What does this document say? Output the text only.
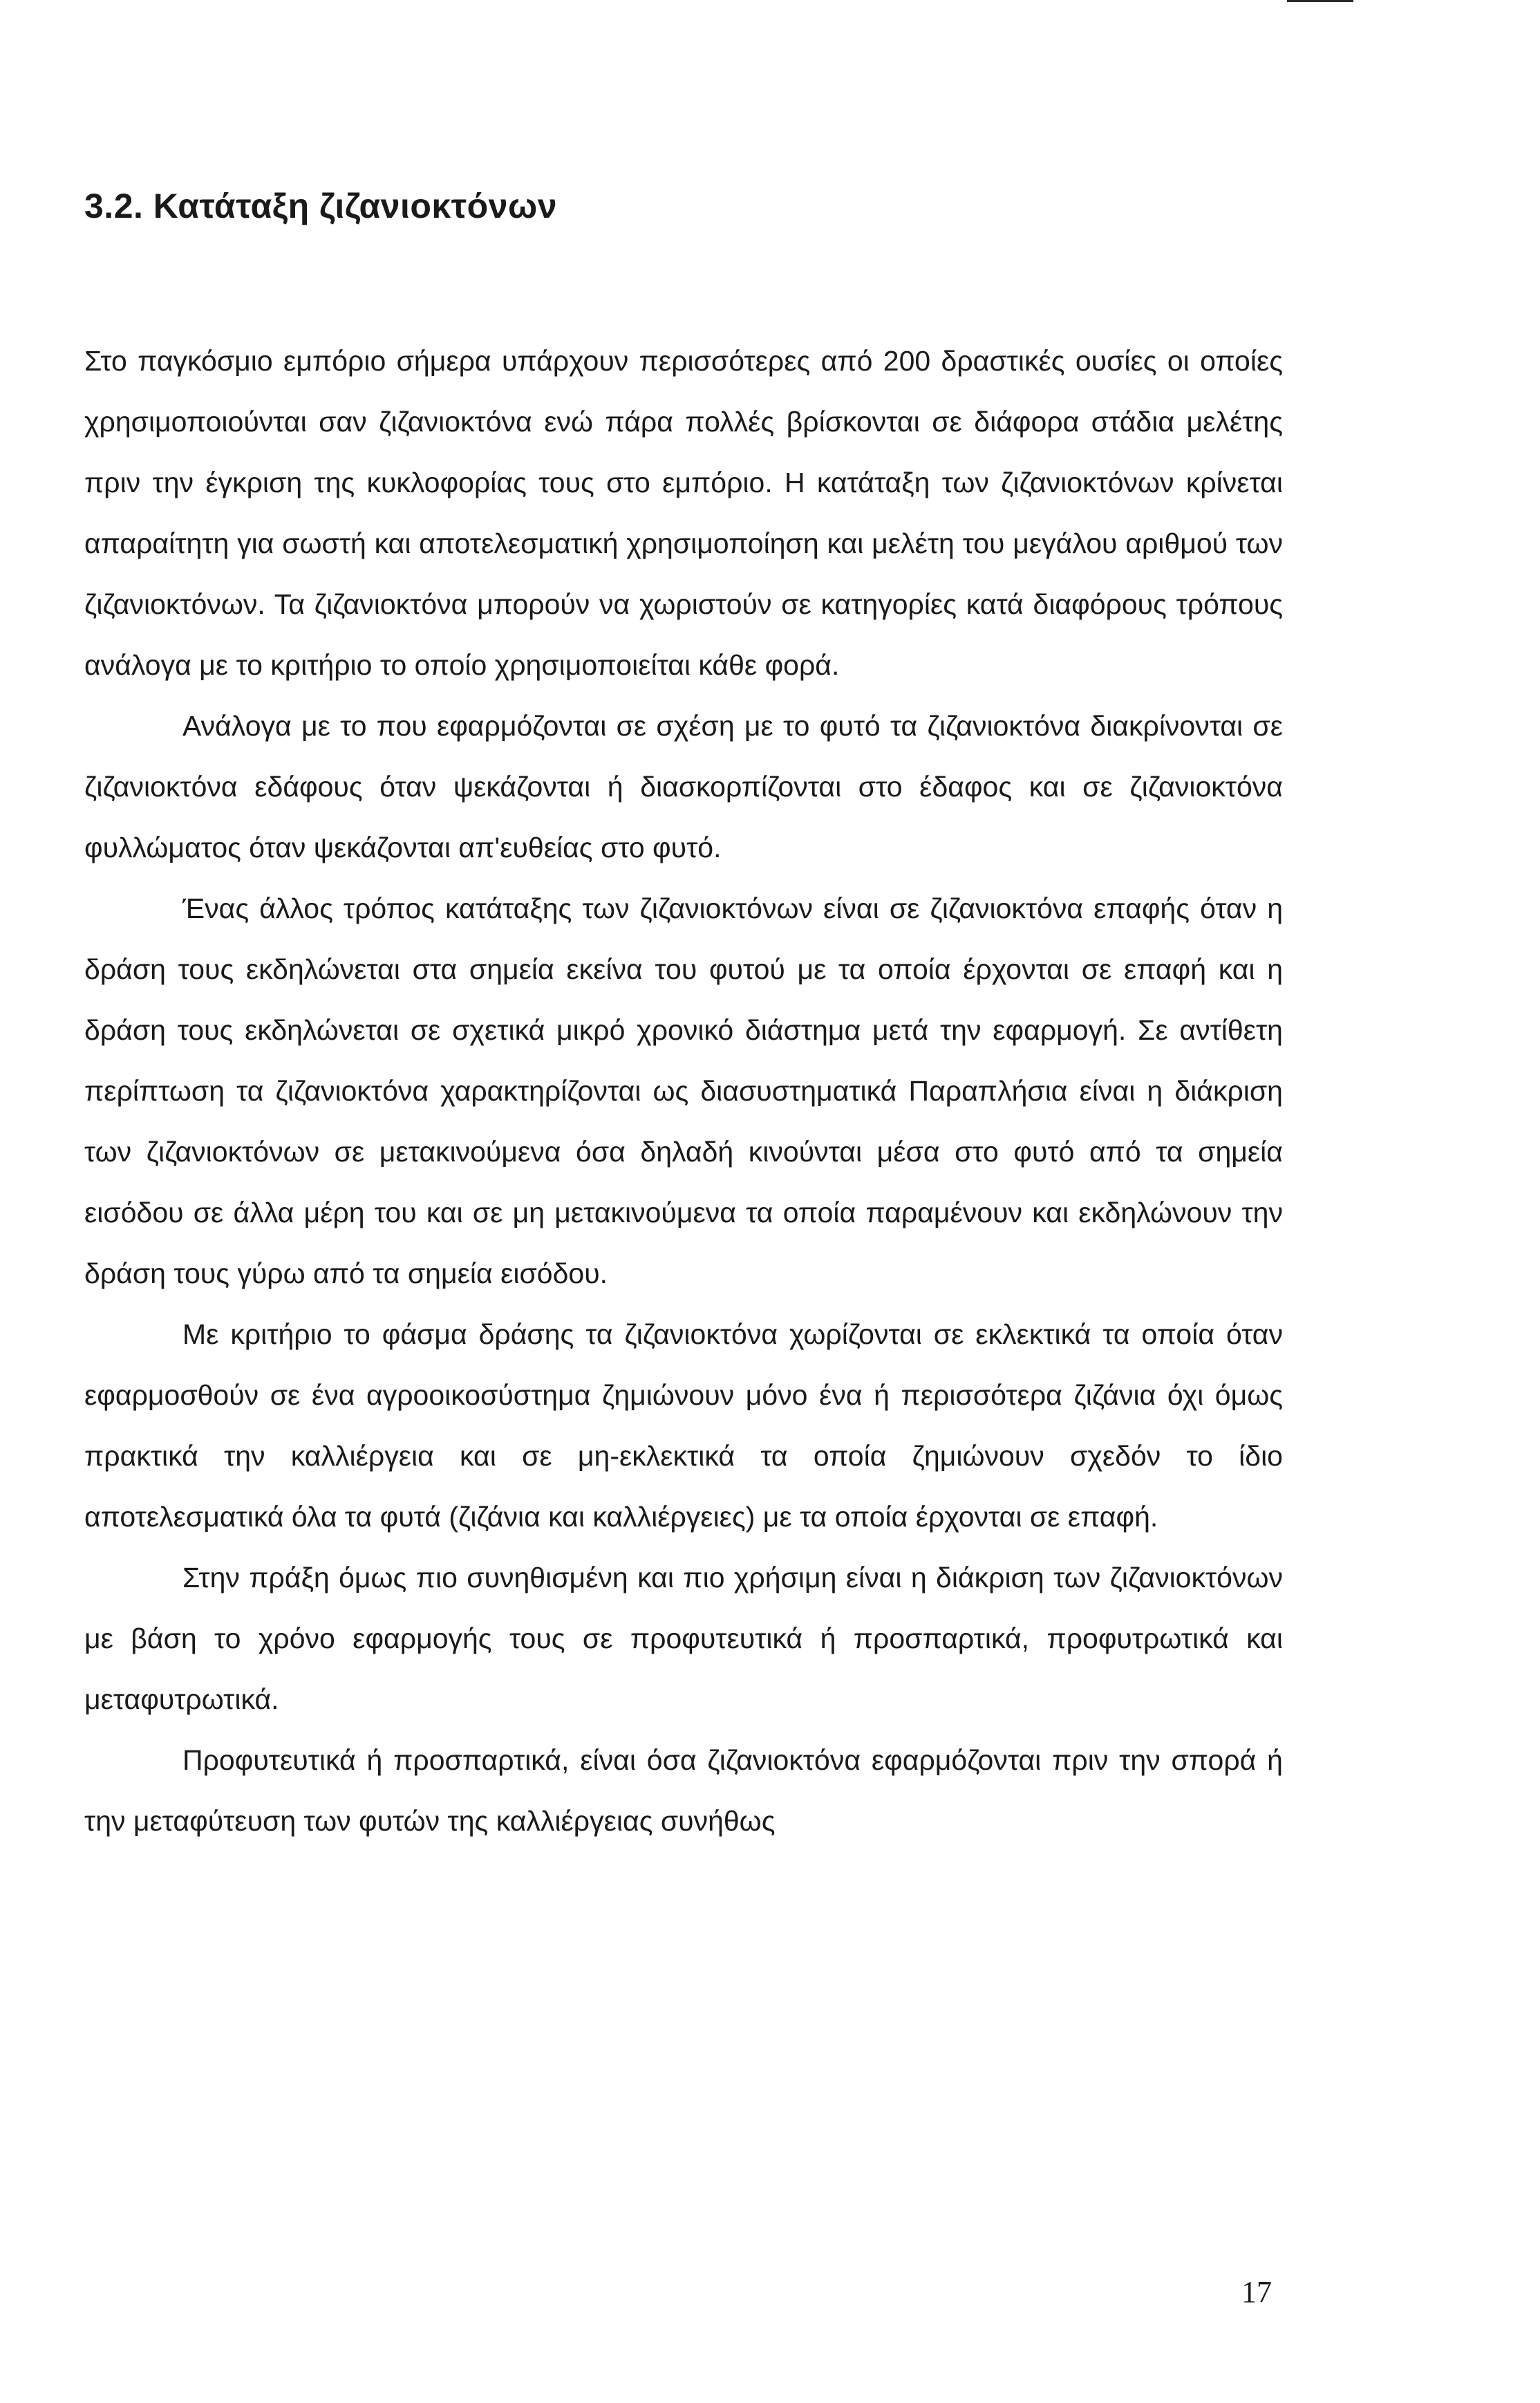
3.2. Κατάταξη ζιζανιοκτόνων

Στο παγκόσμιο εμπόριο σήμερα υπάρχουν περισσότερες από 200 δραστικές ουσίες οι οποίες χρησιμοποιούνται σαν ζιζανιοκτόνα ενώ πάρα πολλές βρίσκονται σε διάφορα στάδια μελέτης πριν την έγκριση της κυκλοφορίας τους στο εμπόριο. Η κατάταξη των ζιζανιοκτόνων κρίνεται απαραίτητη για σωστή και αποτελεσματική χρησιμοποίηση και μελέτη του μεγάλου αριθμού των ζιζανιοκτόνων. Τα ζιζανιοκτόνα μπορούν να χωριστούν σε κατηγορίες κατά διαφόρους τρόπους ανάλογα με το κριτήριο το οποίο χρησιμοποιείται κάθε φορά.

Ανάλογα με το που εφαρμόζονται σε σχέση με το φυτό τα ζιζανιοκτόνα διακρίνονται σε ζιζανιοκτόνα εδάφους όταν ψεκάζονται ή διασκορπίζονται στο έδαφος και σε ζιζανιοκτόνα φυλλώματος όταν ψεκάζονται απ'ευθείας στο φυτό.

Ένας άλλος τρόπος κατάταξης των ζιζανιοκτόνων είναι σε ζιζανιοκτόνα επαφής όταν η δράση τους εκδηλώνεται στα σημεία εκείνα του φυτού με τα οποία έρχονται σε επαφή και η δράση τους εκδηλώνεται σε σχετικά μικρό χρονικό διάστημα μετά την εφαρμογή. Σε αντίθετη περίπτωση τα ζιζανιοκτόνα χαρακτηρίζονται ως διασυστηματικά Παραπλήσια είναι η διάκριση των ζιζανιοκτόνων σε μετακινούμενα όσα δηλαδή κινούνται μέσα στο φυτό από τα σημεία εισόδου σε άλλα μέρη του και σε μη μετακινούμενα τα οποία παραμένουν και εκδηλώνουν την δράση τους γύρω από τα σημεία εισόδου.

Με κριτήριο το φάσμα δράσης τα ζιζανιοκτόνα χωρίζονται σε εκλεκτικά τα οποία όταν εφαρμοσθούν σε ένα αγροοικοσύστημα ζημιώνουν μόνο ένα ή περισσότερα ζιζάνια όχι όμως πρακτικά την καλλιέργεια και σε μη-εκλεκτικά τα οποία ζημιώνουν σχεδόν το ίδιο αποτελεσματικά όλα τα φυτά (ζιζάνια και καλλιέργειες) με τα οποία έρχονται σε επαφή.

Στην πράξη όμως πιο συνηθισμένη και πιο χρήσιμη είναι η διάκριση των ζιζανιοκτόνων με βάση το χρόνο εφαρμογής τους σε προφυτευτικά ή προσπαρτικά, προφυτρωτικά και μεταφυτρωτικά.

Προφυτευτικά ή προσπαρτικά, είναι όσα ζιζανιοκτόνα εφαρμόζονται πριν την σπορά ή την μεταφύτευση των φυτών της καλλιέργειας συνήθως

17
